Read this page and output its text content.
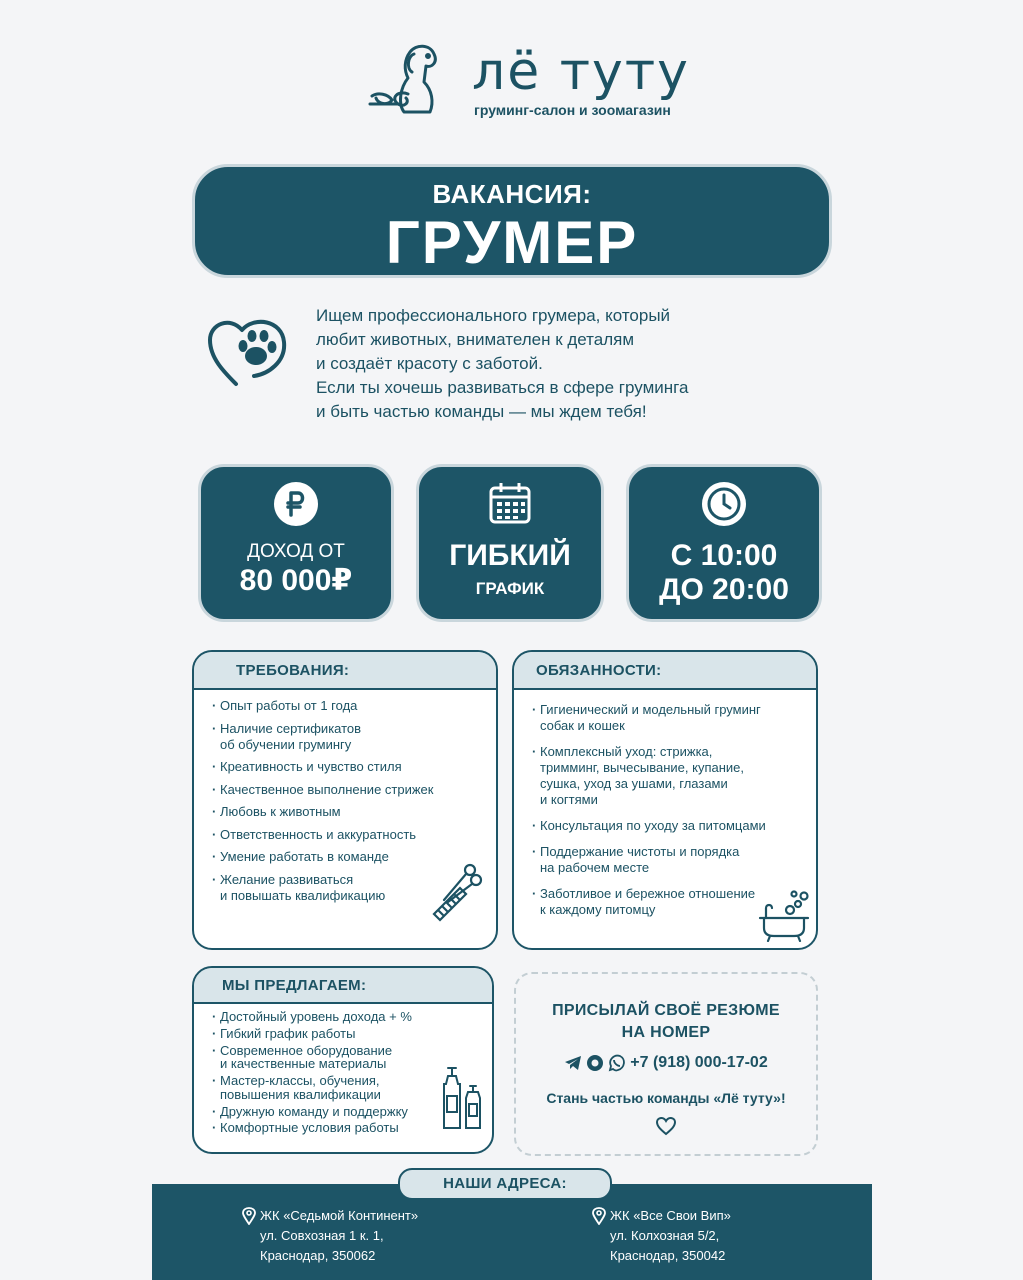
лё туту
груминг-салон и зоомагазин
ВАКАНСИЯ:
ГРУМЕР

Ищем профессионального грумера, который

любит животных, внимателен к деталям

и создаёт красоту с заботой.

Если ты хочешь развиваться в сфере груминга

и быть частью команды — мы ждем тебя!

ДОХОД ОТ
80 000₽
ГИБКИЙ
ГРАФИК
С 10:00
ДО 20:00
ТРЕБОВАНИЯ:
· Опыт работы от 1 года
· Наличие сертификатов
об обучении грумингу
· Креативность и чувство стиля
· Качественное выполнение стрижек
· Любовь к животным
· Ответственность и аккуратность
· Умение работать в команде
· Желание развиваться
и повышать квалификацию
ОБЯЗАННОСТИ:
· Гигиенический и модельный груминг
собак и кошек
· Комплексный уход: стрижка,
тримминг, вычесывание, купание,
сушка, уход за ушами, глазами
и когтями
· Консультация по уходу за питомцами
· Поддержание чистоты и порядка
на рабочем месте
· Заботливое и бережное отношение
к каждому питомцу
МЫ ПРЕДЛАГАЕМ:
· Достойный уровень дохода + %
· Гибкий график работы
· Современное оборудование
и качественные материалы
· Мастер-классы, обучения,
повышения квалификации
· Дружную команду и поддержку
· Комфортные условия работы
ПРИСЫЛАЙ СВОЁ РЕЗЮМЕ
НА НОМЕР
+7 (918) 000-17-02
Стань частью команды «Лё туту»!
НАШИ АДРЕСА:
ЖК «Седьмой Континент»
ул. Совхозная 1 к. 1,
Краснодар, 350062
ЖК «Все Свои Вип»
ул. Колхозная 5/2,
Краснодар, 350042
